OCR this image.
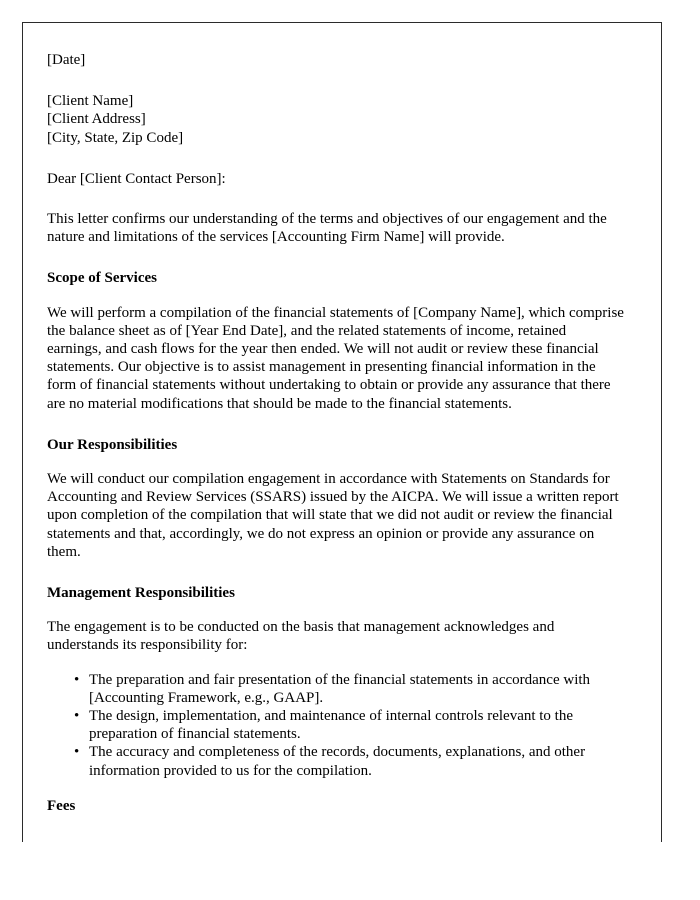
[Date]

[Client Name]

[Client Address]

[City, State, Zip Code]

Dear [Client Contact Person]:

This letter confirms our understanding of the terms and objectives of our engagement and the nature and limitations of the services [Accounting Firm Name] will provide.

Scope of Services

We will perform a compilation of the financial statements of [Company Name], which comprise the balance sheet as of [Year End Date], and the related statements of income, retained earnings, and cash flows for the year then ended. We will not audit or review these financial statements. Our objective is to assist management in presenting financial information in the form of financial statements without undertaking to obtain or provide any assurance that there are no material modifications that should be made to the financial statements.

Our Responsibilities

We will conduct our compilation engagement in accordance with Statements on Standards for Accounting and Review Services (SSARS) issued by the AICPA. We will issue a written report upon completion of the compilation that will state that we did not audit or review the financial statements and that, accordingly, we do not express an opinion or provide any assurance on them.

Management Responsibilities

The engagement is to be conducted on the basis that management acknowledges and understands its responsibility for:

• The preparation and fair presentation of the financial statements in accordance with [Accounting Framework, e.g., GAAP].
• The design, implementation, and maintenance of internal controls relevant to the preparation of financial statements.
• The accuracy and completeness of the records, documents, explanations, and other information provided to us for the compilation.

Fees
